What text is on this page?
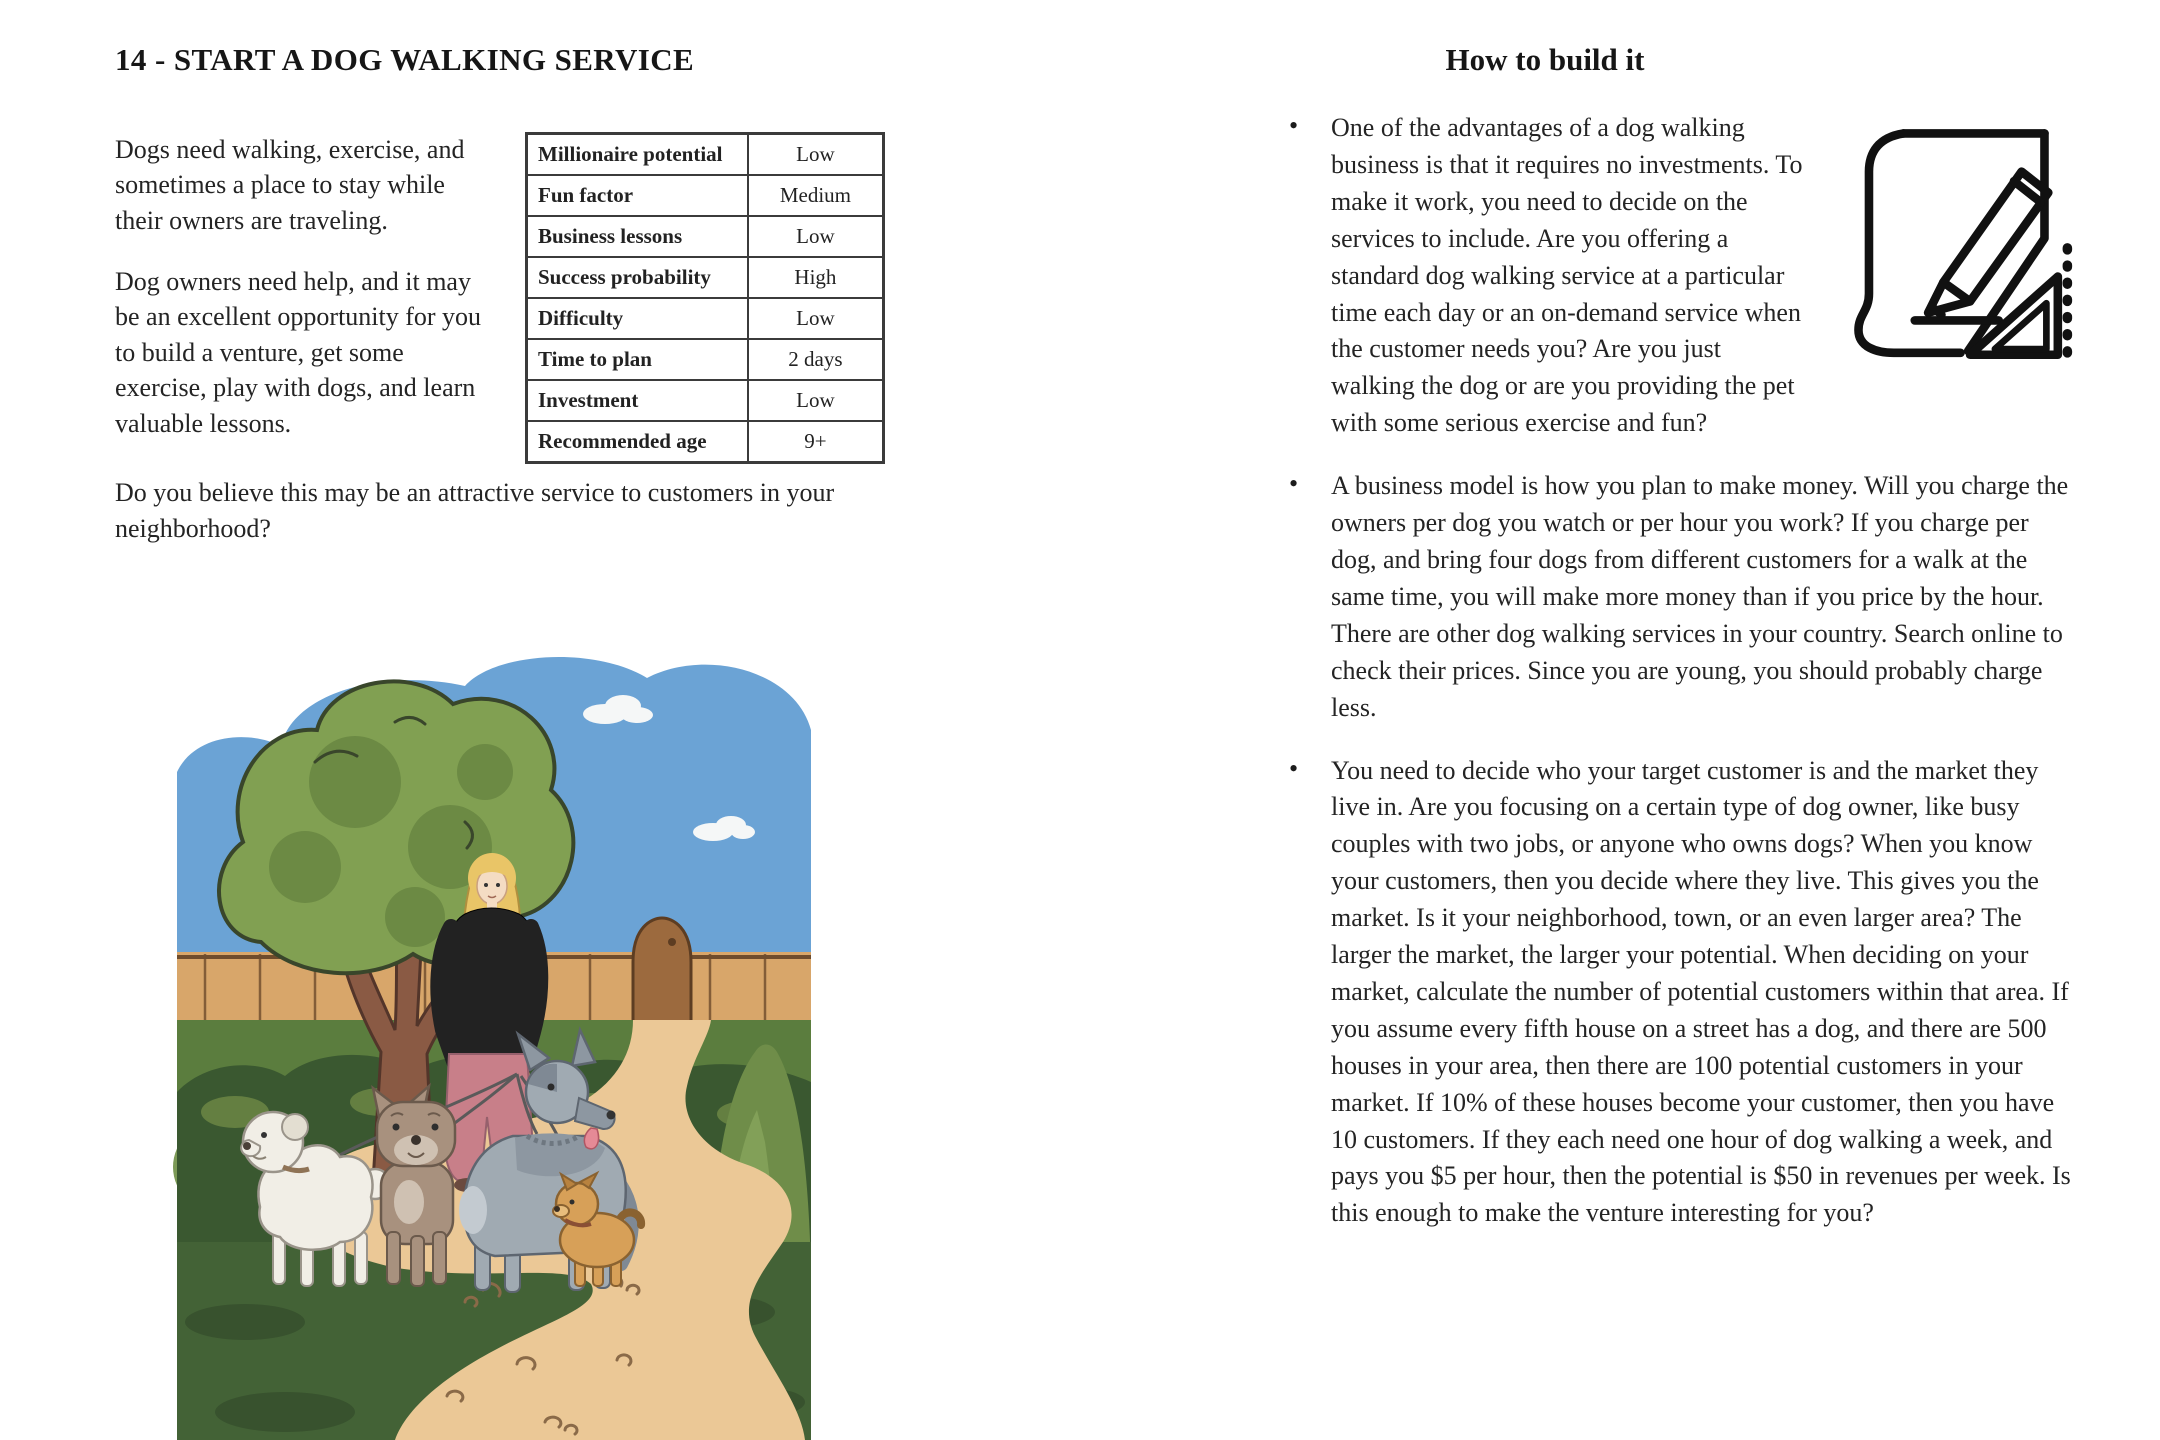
14 - START A DOG WALKING SERVICE

Dogs need walking, exercise, and sometimes a place to stay while their owners are traveling.

Dog owners need help, and it may be an excellent opportunity for you to build a venture, get some exercise, play with dogs, and learn valuable lessons.

Millionaire potential	Low
Fun factor	Medium
Business lessons	Low
Success probability	High
Difficulty	Low
Time to plan	2 days
Investment	Low
Recommended age	9+

Do you believe this may be an attractive service to customers in your neighborhood?

How to build it
• One of the advantages of a dog walking business is that it requires no investments. To make it work, you need to decide on the services to include. Are you offering a standard dog walking service at a particular time each day or an on-demand service when the customer needs you? Are you just walking the dog or are you providing the pet with some serious exercise and fun?
• A business model is how you plan to make money. Will you charge the owners per dog you watch or per hour you work? If you charge per dog, and bring four dogs from different customers for a walk at the same time, you will make more money than if you price by the hour. There are other dog walking services in your country. Search online to check their prices. Since you are young, you should probably charge less.
• You need to decide who your target customer is and the market they live in. Are you focusing on a certain type of dog owner, like busy couples with two jobs, or anyone who owns dogs? When you know your customers, then you decide where they live. This gives you the market. Is it your neighborhood, town, or an even larger area? The larger the market, the larger your potential. When deciding on your market, calculate the number of potential customers within that area. If you assume every fifth house on a street has a dog, and there are 500 houses in your area, then there are 100 potential customers in your market. If 10% of these houses become your customer, then you have 10 customers. If they each need one hour of dog walking a week, and pays you $5 per hour, then the potential is $50 in revenues per week. Is this enough to make the venture interesting for you?
